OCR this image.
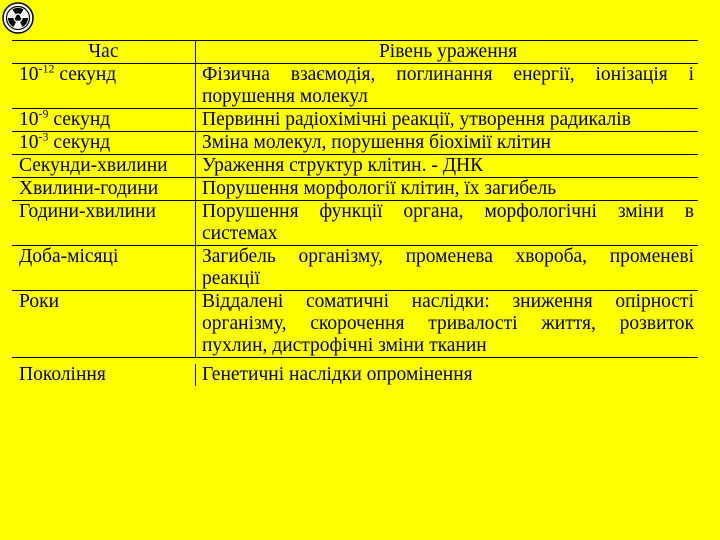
Час	Рівень ураження
$10^{-12}$ секунд	Фізична взаємодія, поглинання енергії, іонізація і
порушення молекул
$10^{-9}$ секунд	Первинні радіохімічні реакції, утворення радикалів
$10^{-3}$ секунд	Зміна молекул, порушення біохімії клітин
Секунди-хвилини	Ураження структур клітин. - ДНК
Хвилини-години	Порушення морфології клітин, їх загибель
Години-хвилини	Порушення функції органа, морфологічні зміни в
системах
Доба-місяці	Загибель організму, променева хвороба, променеві
реакції
Роки	Віддалені соматичні наслідки: зниження опірності
організму, скорочення тривалості життя, розвиток
пухлин, дистрофічні зміни тканин
Покоління	Генетичні наслідки опромінення
